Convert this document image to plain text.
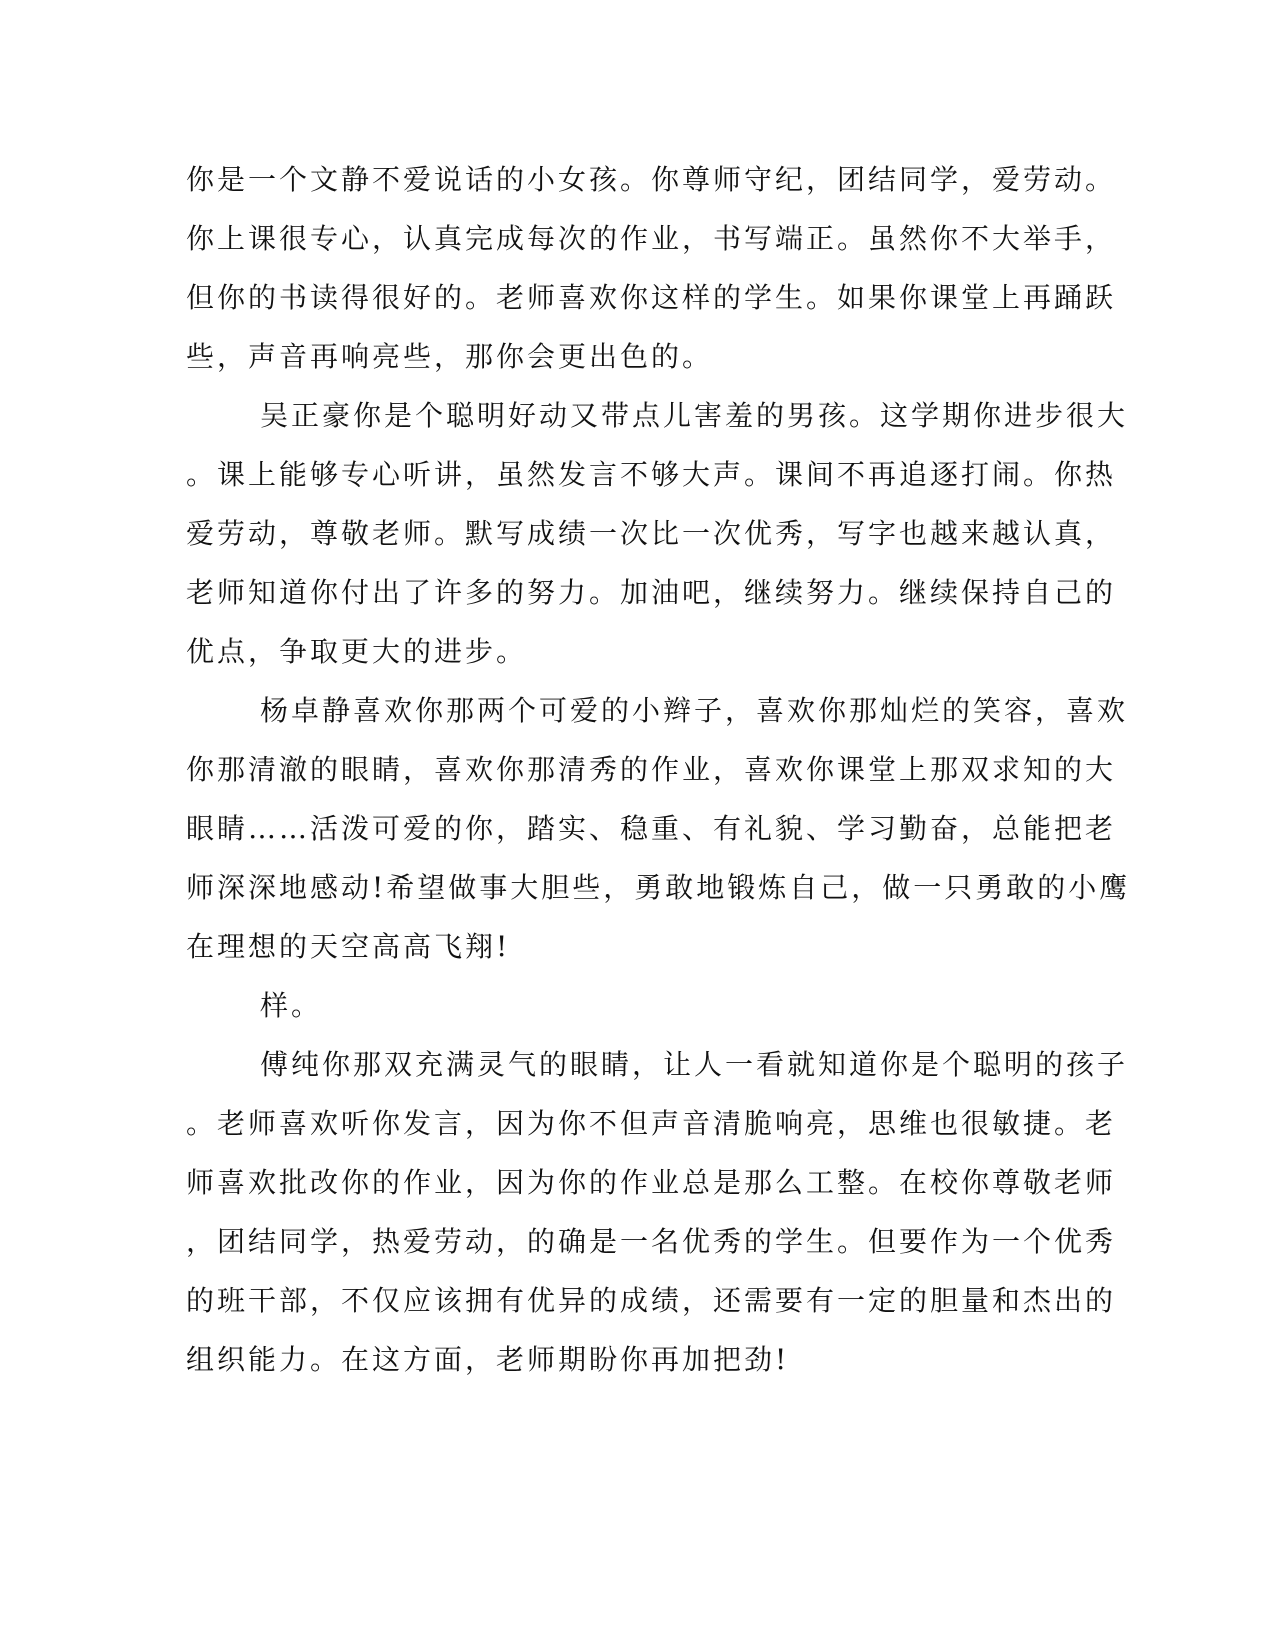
你是一个文静不爱说话的小女孩。你尊师守纪，团结同学，爱劳动。
你上课很专心，认真完成每次的作业，书写端正。虽然你不大举手，
但你的书读得很好的。老师喜欢你这样的学生。如果你课堂上再踊跃
些，声音再响亮些，那你会更出色的。
吴正豪你是个聪明好动又带点儿害羞的男孩。这学期你进步很大
。课上能够专心听讲，虽然发言不够大声。课间不再追逐打闹。你热
爱劳动，尊敬老师。默写成绩一次比一次优秀，写字也越来越认真，
老师知道你付出了许多的努力。加油吧，继续努力。继续保持自己的
优点，争取更大的进步。
杨卓静喜欢你那两个可爱的小辫子，喜欢你那灿烂的笑容，喜欢
你那清澈的眼睛，喜欢你那清秀的作业，喜欢你课堂上那双求知的大
眼睛……活泼可爱的你，踏实、稳重、有礼貌、学习勤奋，总能把老
师深深地感动!希望做事大胆些，勇敢地锻炼自己，做一只勇敢的小鹰
在理想的天空高高飞翔!
样。
傅纯你那双充满灵气的眼睛，让人一看就知道你是个聪明的孩子
。老师喜欢听你发言，因为你不但声音清脆响亮，思维也很敏捷。老
师喜欢批改你的作业，因为你的作业总是那么工整。在校你尊敬老师
，团结同学，热爱劳动，的确是一名优秀的学生。但要作为一个优秀
的班干部，不仅应该拥有优异的成绩，还需要有一定的胆量和杰出的
组织能力。在这方面，老师期盼你再加把劲!
